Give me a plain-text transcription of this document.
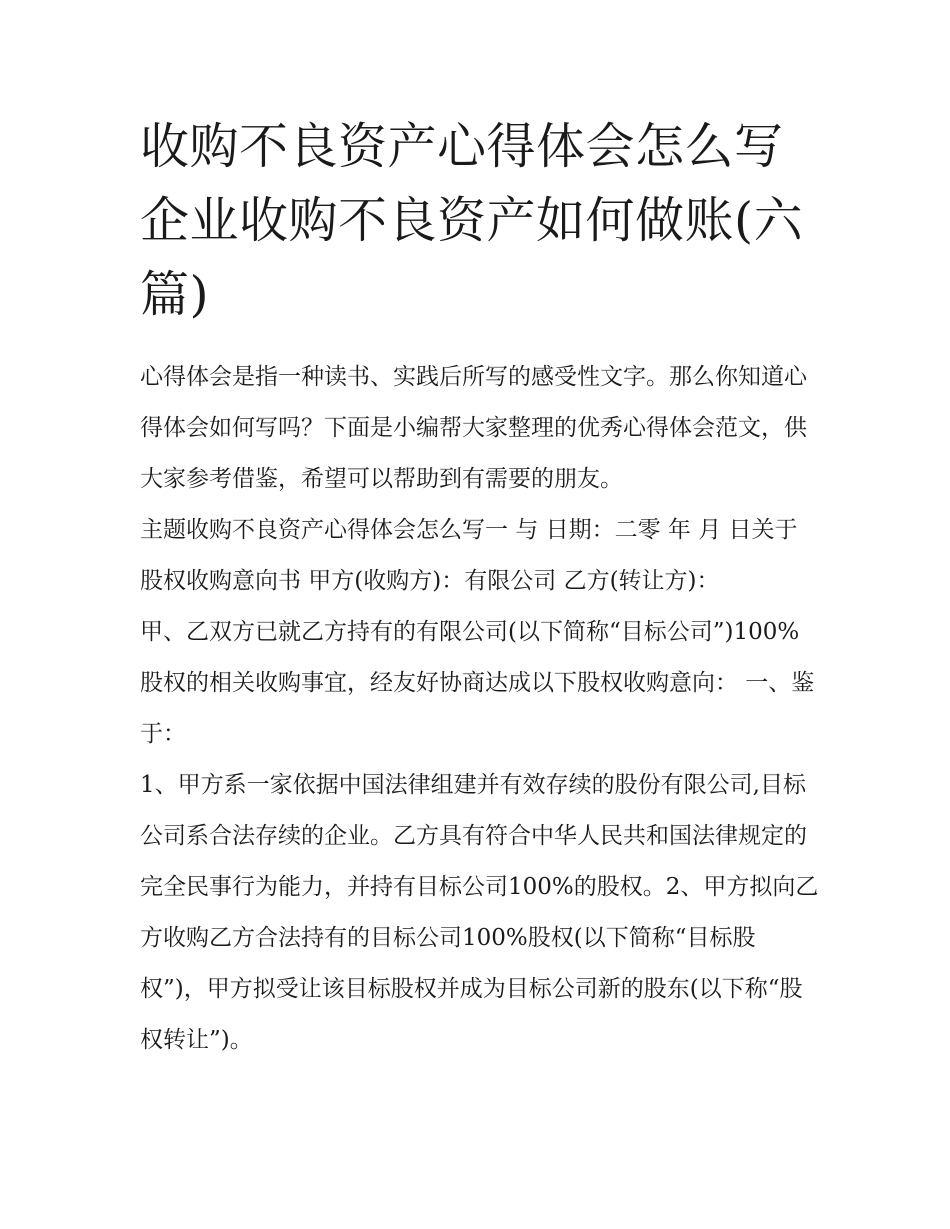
收购不良资产心得体会怎么写企业收购不良资产如何做账(六篇)

心得体会是指一种读书、实践后所写的感受性文字。那么你知道心得体会如何写吗？下面是小编帮大家整理的优秀心得体会范文，供大家参考借鉴，希望可以帮助到有需要的朋友。

主题收购不良资产心得体会怎么写一 与 日期：二零 年 月 日关于 股权收购意向书 甲方(收购方)：有限公司 乙方(转让方)：

甲、乙双方已就乙方持有的有限公司(以下简称“目标公司”)100%股权的相关收购事宜，经友好协商达成以下股权收购意向： 一、鉴于：

1、甲方系一家依据中国法律组建并有效存续的股份有限公司,目标公司系合法存续的企业。乙方具有符合中华人民共和国法律规定的完全民事行为能力，并持有目标公司100%的股权。2、甲方拟向乙方收购乙方合法持有的目标公司100%股权(以下简称“目标股权”)，甲方拟受让该目标股权并成为目标公司新的股东(以下称“股权转让”)。
